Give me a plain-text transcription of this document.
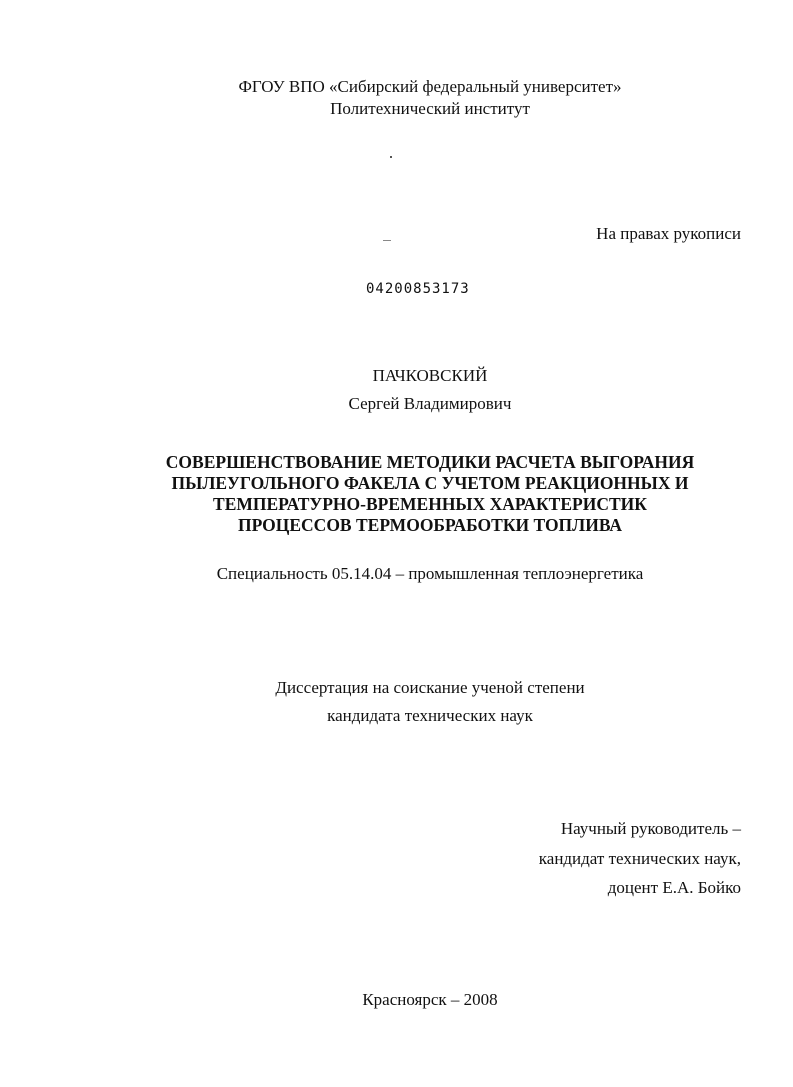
ФГОУ ВПО «Сибирский федеральный университет»
Политехнический институт
На правах рукописи
04200853173
ПАЧКОВСКИЙ
Сергей Владимирович
СОВЕРШЕНСТВОВАНИЕ МЕТОДИКИ РАСЧЕТА ВЫГОРАНИЯ
ПЫЛЕУГОЛЬНОГО ФАКЕЛА С УЧЕТОМ РЕАКЦИОННЫХ И
ТЕМПЕРАТУРНО-ВРЕМЕННЫХ ХАРАКТЕРИСТИК
ПРОЦЕССОВ ТЕРМООБРАБОТКИ ТОПЛИВА
Специальность 05.14.04 – промышленная теплоэнергетика
Диссертация на соискание ученой степени
кандидата технических наук
Научный руководитель –
кандидат технических наук,
доцент Е.А. Бойко
Красноярск – 2008
